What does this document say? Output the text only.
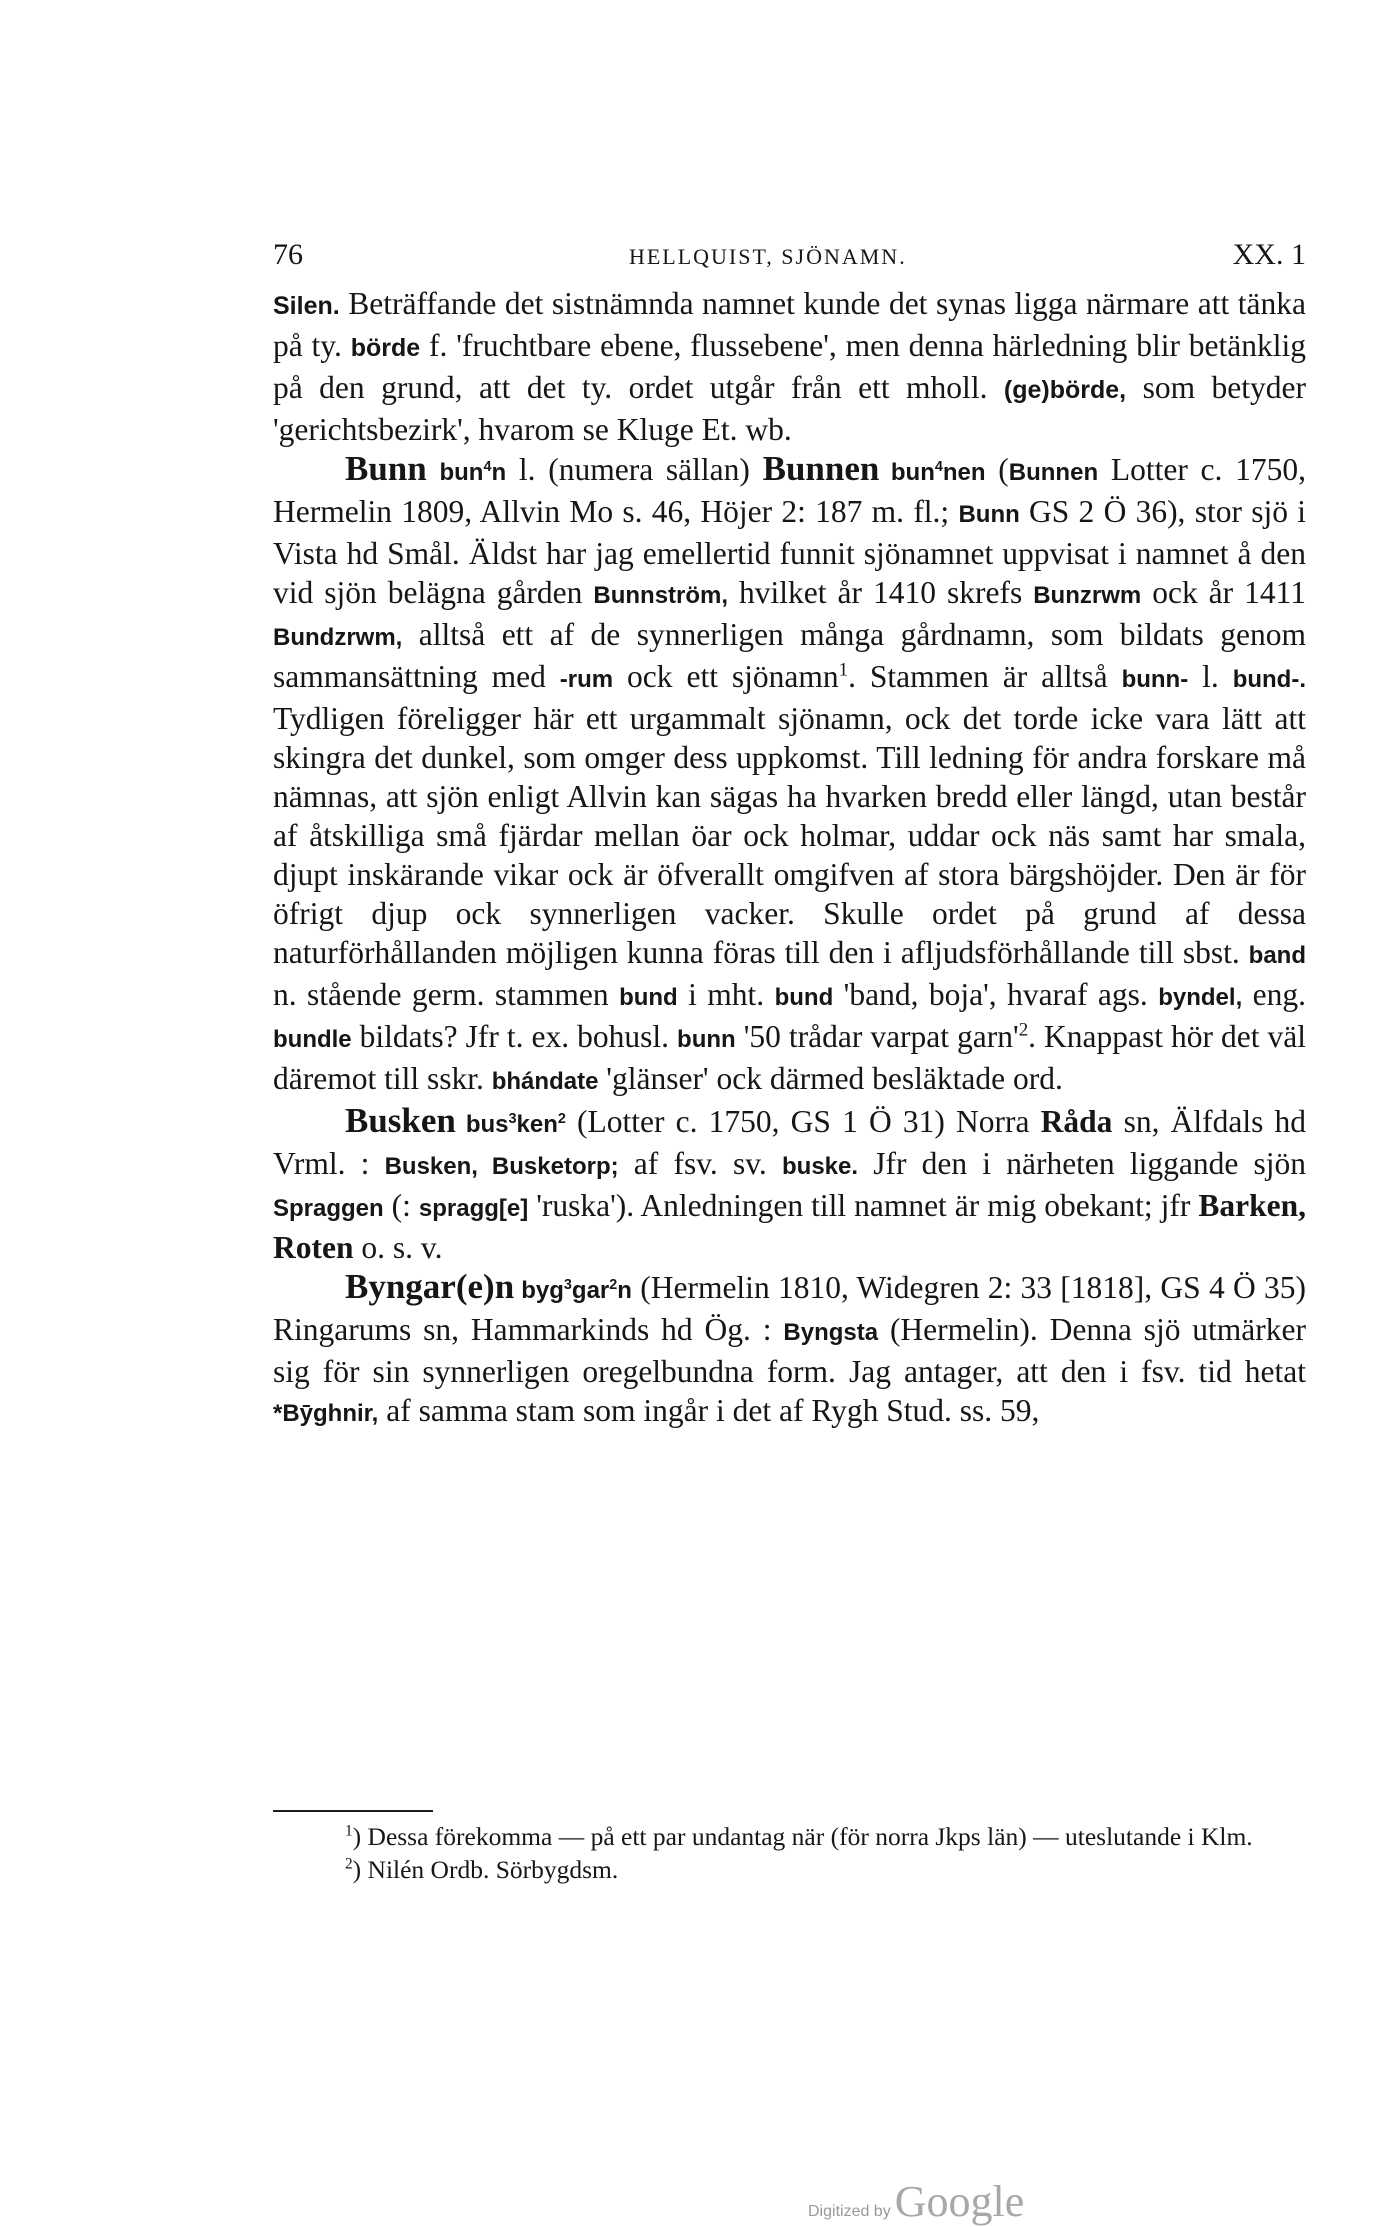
76	HELLQUIST, SJÖNAMN.	XX. 1

Silen. Beträffande det sistnämnda namnet kunde det synas ligga närmare att tänka på ty. börde f. 'fruchtbare ebene, flussebene', men denna härledning blir betänklig på den grund, att det ty. ordet utgår från ett mholl. (ge)börde, som betyder 'gerichtsbezirk', hvarom se Kluge Et. wb.

Bunn bun$^4$n l. (numera sällan) Bunnen bun$^4$nen (Bunnen Lotter c. 1750, Hermelin 1809, Allvin Mo s. 46, Höjer 2: 187 m. fl.; Bunn GS 2 Ö 36), stor sjö i Vista hd Smål. Äldst har jag emellertid funnit sjönamnet uppvisat i namnet å den vid sjön belägna gården Bunnström, hvilket år 1410 skrefs Bunzrwm ock år 1411 Bundzrwm, alltså ett af de synnerligen många gårdnamn, som bildats genom sammansättning med -rum ock ett sjönamn$^1$. Stammen är alltså bunn- l. bund-. Tydligen föreligger här ett urgammalt sjönamn, ock det torde icke vara lätt att skingra det dunkel, som omger dess uppkomst. Till ledning för andra forskare må nämnas, att sjön enligt Allvin kan sägas ha hvarken bredd eller längd, utan består af åtskilliga små fjärdar mellan öar ock holmar, uddar ock näs samt har smala, djupt inskärande vikar ock är öfverallt omgifven af stora bärgshöjder. Den är för öfrigt djup ock synnerligen vacker. Skulle ordet på grund af dessa naturförhållanden möjligen kunna föras till den i afljudsförhållande till sbst. band n. stående germ. stammen bund i mht. bund 'band, boja', hvaraf ags. byndel, eng. bundle bildats? Jfr t. ex. bohusl. bunn '50 trådar varpat $garn'^2$. Knappast hör det väl däremot till sskr. bhándate 'glänser' ock därmed besläktade ord.

Busken bus$^3$ken$^2$ (Lotter c. 1750, GS 1 Ö 31) Norra Råda sn, Älfdals hd Vrml. : Busken, Busketorp; af fsv. sv. buske. Jfr den i närheten liggande sjön Spraggen (: spragg[e] 'ruska'). Anledningen till namnet är mig obekant; jfr Barken, Roten o. s. v.

Byngar(e)n byg$^3$gar$^2$n (Hermelin 1810, Widegren 2: 33 [1818], GS 4 Ö 35) Ringarums sn, Hammarkinds hd Ög. : Byngsta (Hermelin). Denna sjö utmärker sig för sin synnerligen oregelbundna form. Jag antager, att den i fsv. tid hetat *Bȳghnir, af samma stam som ingår i det af Rygh Stud. ss. 59,

$^1$) Dessa förekomma — på ett par undantag när (för norra Jkps län) — uteslutande i Klm.

$^2$) Nilén Ordb. Sörbygdsm.

Digitized by Google
